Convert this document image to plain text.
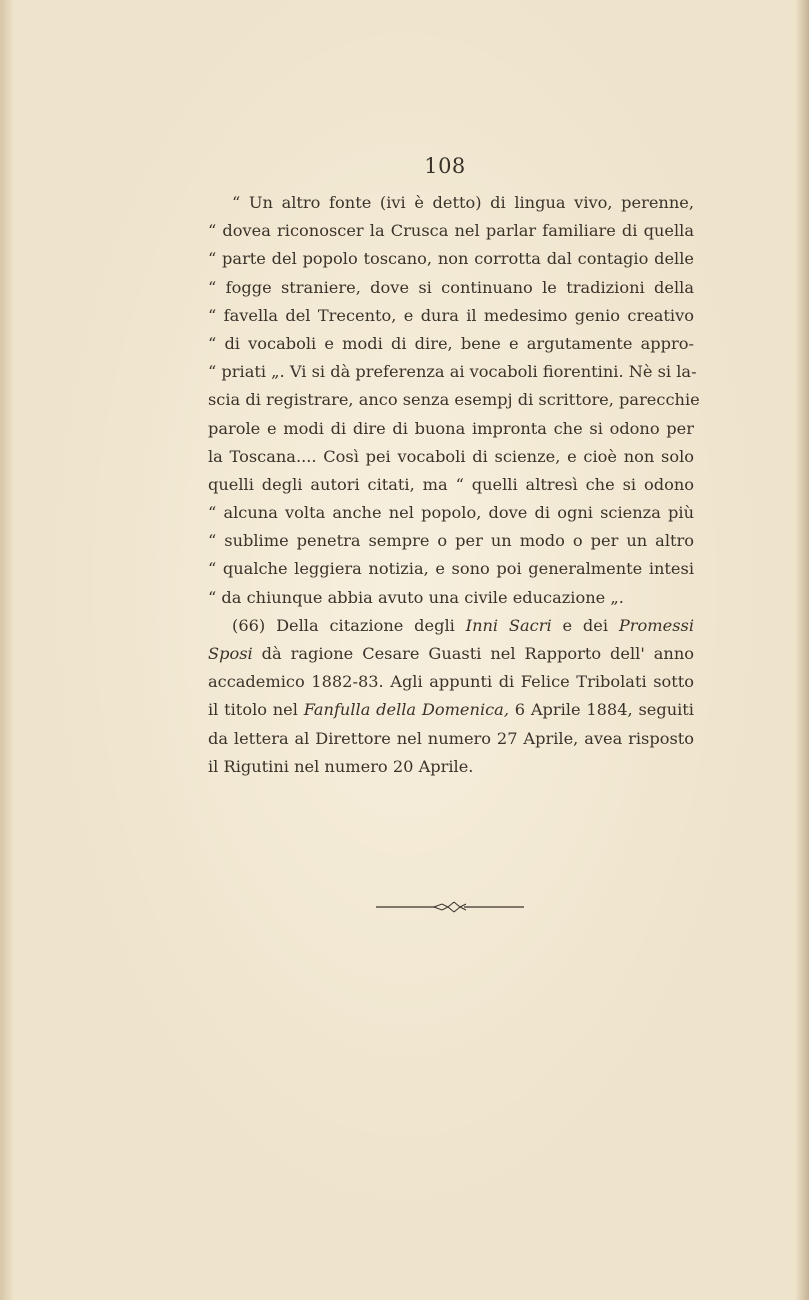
108
“ Un altro fonte (ivi è detto) di lingua vivo, perenne,
“ dovea riconoscer la Crusca nel parlar familiare di quella
“ parte del popolo toscano, non corrotta dal contagio delle
“ fogge straniere, dove si continuano le tradizioni della
“ favella del Trecento, e dura il medesimo genio creativo
“ di vocaboli e modi di dire, bene e argutamente appro-
“ priati „. Vi si dà preferenza ai vocaboli fiorentini. Nè si la-
scia di registrare, anco senza esempj di scrittore, parecchie
parole e modi di dire di buona impronta che si odono per
la Toscana.... Così pei vocaboli di scienze, e cioè non solo
quelli degli autori citati, ma “ quelli altresì che si odono
“ alcuna volta anche nel popolo, dove di ogni scienza più
“ sublime penetra sempre o per un modo o per un altro
“ qualche leggiera notizia, e sono poi generalmente intesi
“ da chiunque abbia avuto una civile educazione „.
(66) Della citazione degli Inni Sacri e dei Promessi
Sposi dà ragione Cesare Guasti nel Rapporto dell' anno
accademico 1882-83. Agli appunti di Felice Tribolati sotto
il titolo nel Fanfulla della Domenica, 6 Aprile 1884, seguiti
da lettera al Direttore nel numero 27 Aprile, avea risposto
il Rigutini nel numero 20 Aprile.
